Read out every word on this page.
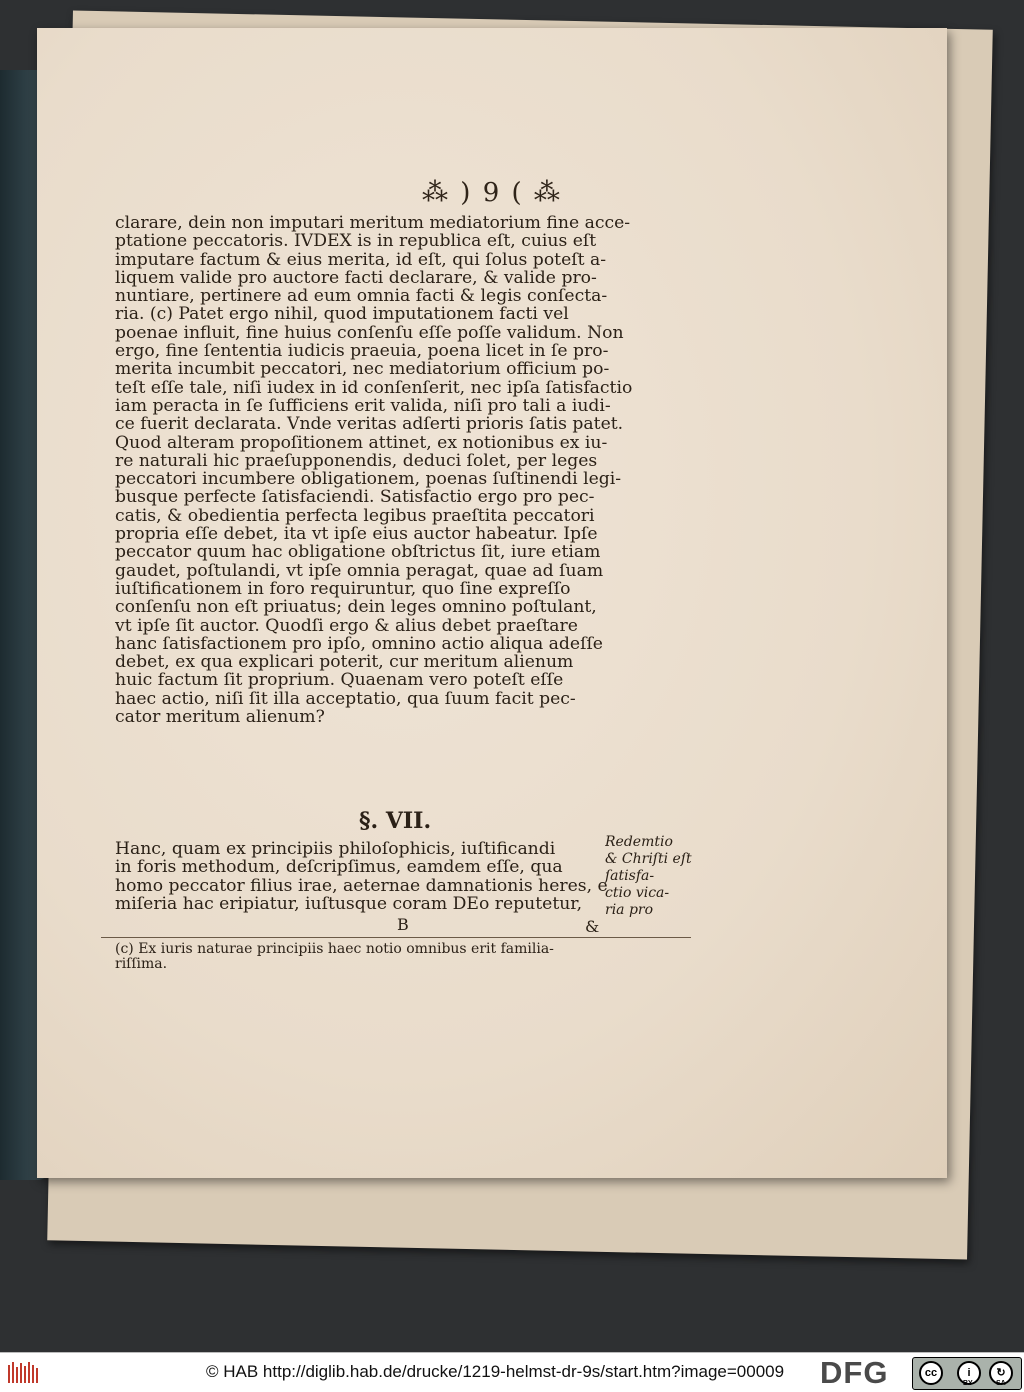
⁂ ) 9 ( ⁂
clarare, dein non imputari meritum mediatorium fine acce-
ptatione peccatoris. IVDEX is in republica eſt, cuius eſt
imputare factum & eius merita, id eſt, qui ſolus poteſt a-
liquem valide pro auctore facti declarare, & valide pro-
nuntiare, pertinere ad eum omnia facti & legis conſecta-
ria. (c) Patet ergo nihil, quod imputationem facti vel
poenae influit, fine huius conſenſu eſſe poſſe validum. Non
ergo, fine ſententia iudicis praeuia, poena licet in ſe pro-
merita incumbit peccatori, nec mediatorium officium po-
teſt eſſe tale, niſi iudex in id conſenſerit, nec ipſa ſatisfactio
iam peracta in ſe ſufficiens erit valida, niſi pro tali a iudi-
ce fuerit declarata. Vnde veritas adſerti prioris ſatis patet.
Quod alteram propoſitionem attinet, ex notionibus ex iu-
re naturali hic praeſupponendis, deduci ſolet, per leges
peccatori incumbere obligationem, poenas ſuſtinendi legi-
busque perfecte ſatisfaciendi. Satisfactio ergo pro pec-
catis, & obedientia perfecta legibus praeſtita peccatori
propria eſſe debet, ita vt ipſe eius auctor habeatur. Ipſe
peccator quum hac obligatione obſtrictus ſit, iure etiam
gaudet, poſtulandi, vt ipſe omnia peragat, quae ad ſuam
iuſtificationem in foro requiruntur, quo ſine expreſſo
conſenſu non eſt priuatus; dein leges omnino poſtulant,
vt ipſe ſit auctor. Quodſi ergo & alius debet praeſtare
hanc ſatisfactionem pro ipſo, omnino actio aliqua adeſſe
debet, ex qua explicari poterit, cur meritum alienum
huic factum ſit proprium. Quaenam vero poteſt eſſe
haec actio, niſi ſit illa acceptatio, qua ſuum facit pec-
cator meritum alienum?
§. VII.
Hanc, quam ex principiis philoſophicis, iuſtificandi
in foris methodum, deſcripſimus, eamdem eſſe, qua
homo peccator filius irae, aeternae damnationis heres, e
miſeria hac eripiatur, iuſtusque coram DEo reputetur,
Redemtio
& Chriſti eſt
ſatisfa-
ctio vica-
ria pro
B	&
(c) Ex iuris naturae principiis haec notio omnibus erit familia-
riſſima.
© HAB http://diglib.hab.de/drucke/1219-helmst-dr-9s/start.htm?image=00009 DFG	cc	i
BY
↻
SA
